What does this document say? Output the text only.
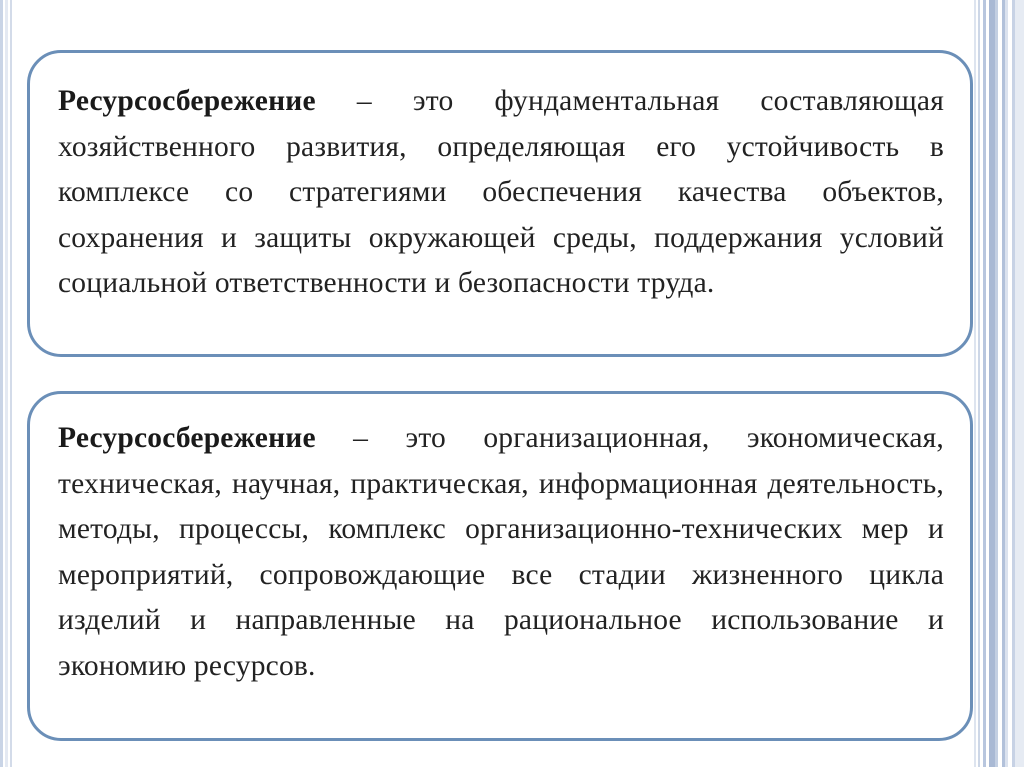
Ресурсосбережение – это фундаментальная составляющая хозяйственного развития, определяющая его устойчивость в комплексе со стратегиями обеспечения качества объектов, сохранения и защиты окружающей среды, поддержания условий социальной ответственности и безопасности труда.

Ресурсосбережение – это организационная, экономическая, техническая, научная, практическая, информационная деятельность, методы, процессы, комплекс организационно-технических мер и мероприятий, сопровождающие все стадии жизненного цикла изделий и направленные на рациональное использование и экономию ресурсов.
